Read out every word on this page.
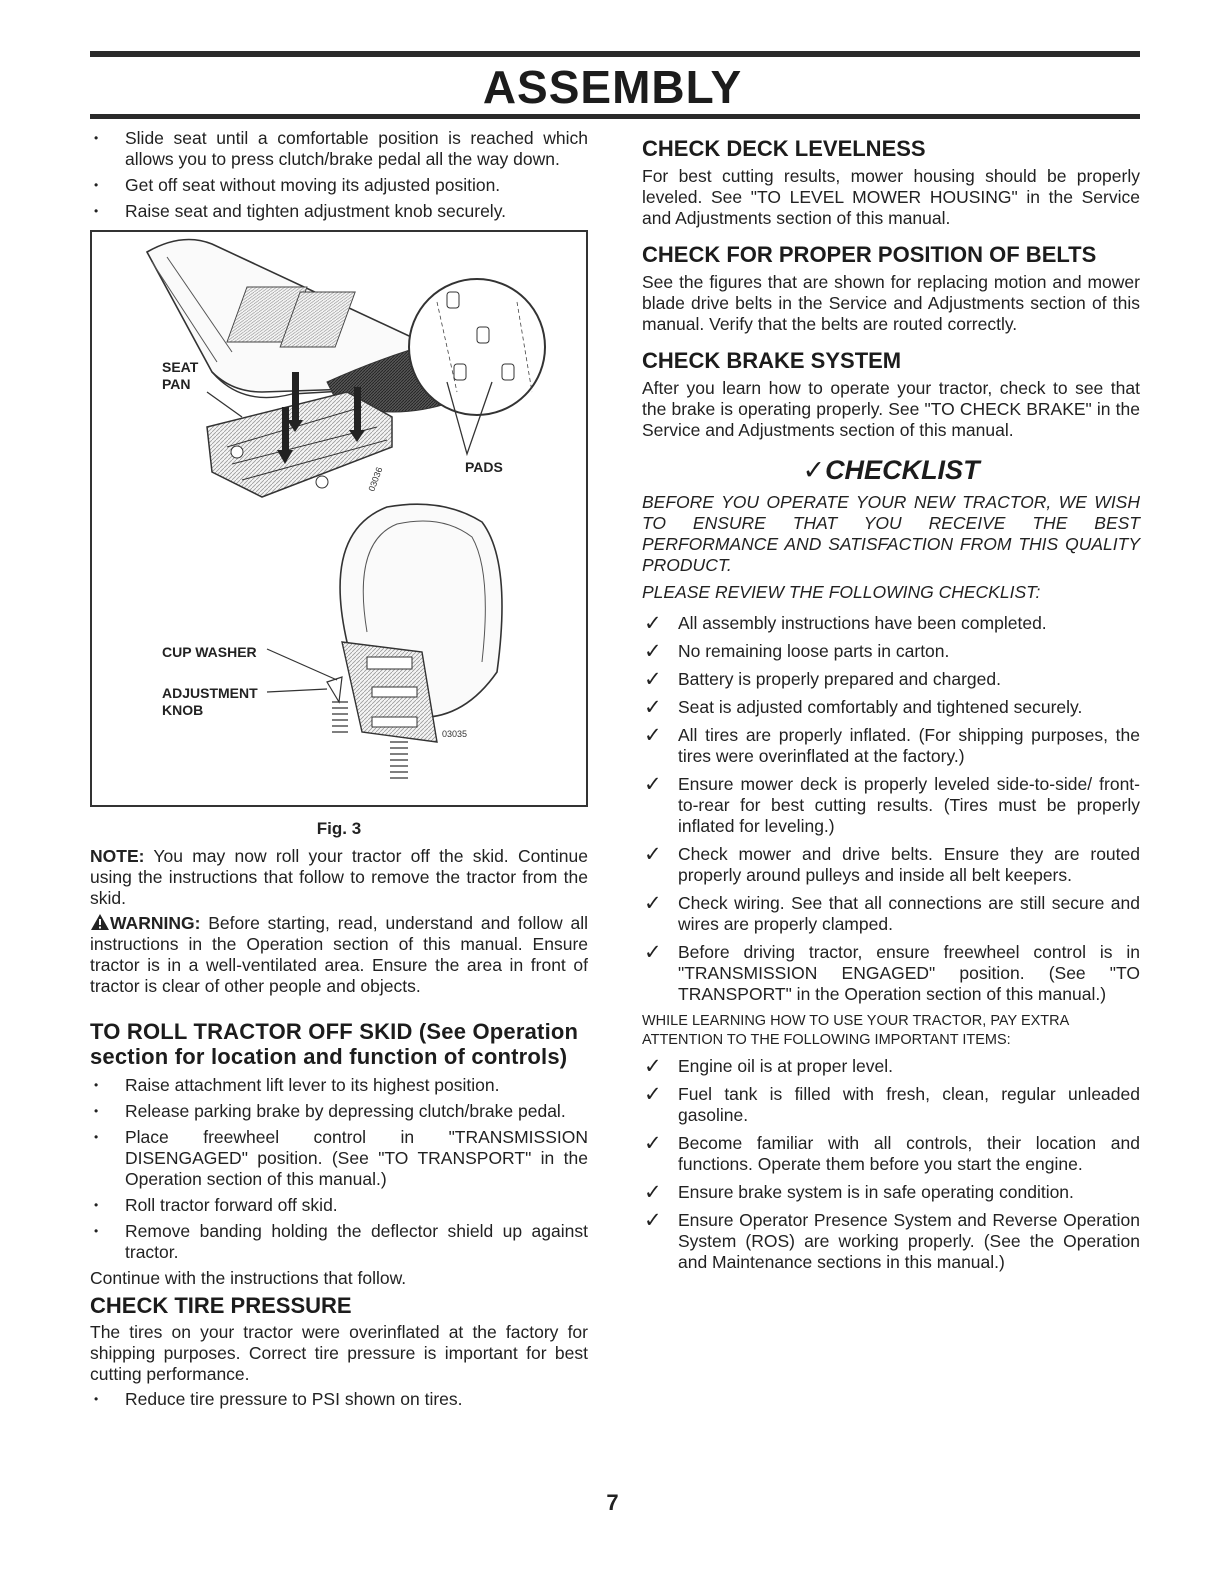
ASSEMBLY
• Slide seat until a comfortable position is reached which allows you to press clutch/brake pedal all the way down.
• Get off seat without moving its adjusted position.
• Raise seat and tighten adjustment knob securely.
SEAT
PAN
PADS
CUP WASHER
ADJUSTMENT
KNOB
03036
03035
Fig. 3

NOTE: You may now roll your tractor off the skid. Continue using the instructions that follow to remove the tractor from the skid.

WARNING: Before starting, read, understand and follow all instructions in the Operation section of this manual. Ensure tractor is in a well-ventilated area. Ensure the area in front of tractor is clear of other people and objects.

TO ROLL TRACTOR OFF SKID (See Operation section for location and function of controls)
• Raise attachment lift lever to its highest position.
• Release parking brake by depressing clutch/brake pedal.
• Place freewheel control in "TRANSMISSION DISENGAGED" position. (See "TO TRANSPORT" in the Operation section of this manual.)
• Roll tractor forward off skid.
• Remove banding holding the deflector shield up against tractor.

Continue with the instructions that follow.

CHECK TIRE PRESSURE

The tires on your tractor were overinflated at the factory for shipping purposes. Correct tire pressure is important for best cutting performance.

• Reduce tire pressure to PSI shown on tires.
CHECK DECK LEVELNESS

For best cutting results, mower housing should be properly leveled. See "TO LEVEL MOWER HOUSING" in the Service and Adjustments section of this manual.

CHECK FOR PROPER POSITION OF BELTS

See the figures that are shown for replacing motion and mower blade drive belts in the Service and Adjustments section of this manual. Verify that the belts are routed correctly.

CHECK BRAKE SYSTEM

After you learn how to operate your tractor, check to see that the brake is operating properly. See "TO CHECK BRAKE" in the Service and Adjustments section of this manual.

✓CHECKLIST

BEFORE YOU OPERATE YOUR NEW TRACTOR, WE WISH TO ENSURE THAT YOU RECEIVE THE BEST PERFORMANCE AND SATISFACTION FROM THIS QUALITY PRODUCT.

PLEASE REVIEW THE FOLLOWING CHECKLIST:

✓ All assembly instructions have been completed.
✓ No remaining loose parts in carton.
✓ Battery is properly prepared and charged.
✓ Seat is adjusted comfortably and tightened securely.
✓ All tires are properly inflated. (For shipping purposes, the tires were overinflated at the factory.)
✓ Ensure mower deck is properly leveled side-to-side/ front-to-rear for best cutting results. (Tires must be properly inflated for leveling.)
✓ Check mower and drive belts. Ensure they are routed properly around pulleys and inside all belt keepers.
✓ Check wiring. See that all connections are still secure and wires are properly clamped.
✓ Before driving tractor, ensure freewheel control is in "TRANSMISSION ENGAGED" position. (See "TO TRANSPORT" in the Operation section of this manual.)

WHILE LEARNING HOW TO USE YOUR TRACTOR, PAY EXTRA ATTENTION TO THE FOLLOWING IMPORTANT ITEMS:

✓ Engine oil is at proper level.
✓ Fuel tank is filled with fresh, clean, regular unleaded gasoline.
✓ Become familiar with all controls, their location and functions. Operate them before you start the engine.
✓ Ensure brake system is in safe operating condition.
✓ Ensure Operator Presence System and Reverse Operation System (ROS) are working properly. (See the Operation and Maintenance sections in this manual.)
7
